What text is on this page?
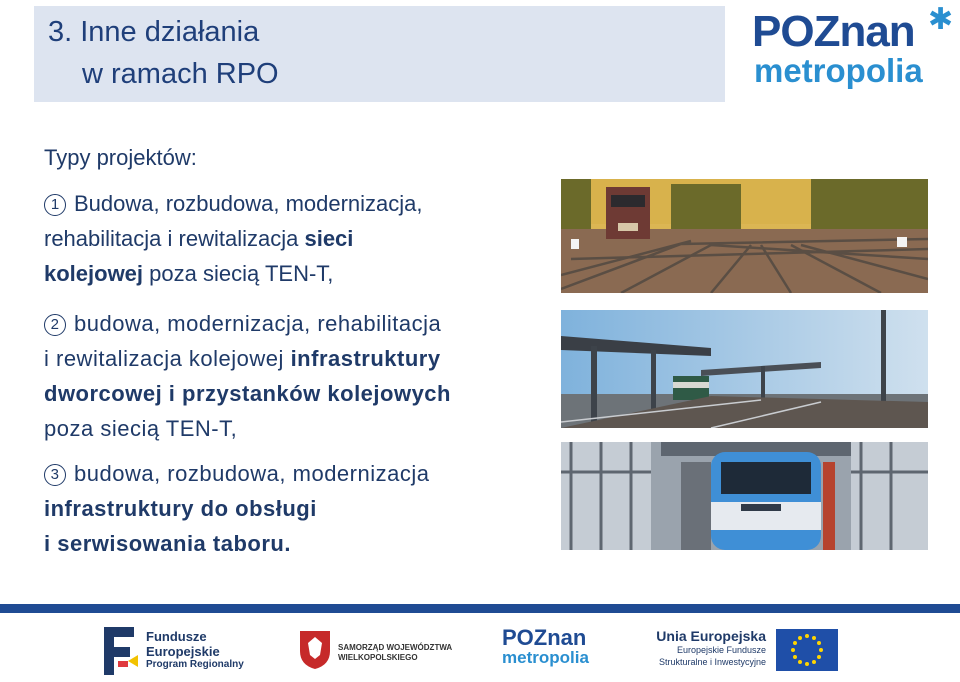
3. Inne działania
w ramach RPO
POZnan
metropolia
✱
Typy projektów:
1 Budowa, rozbudowa, modernizacja,
rehabilitacja i rewitalizacja sieci
kolejowej poza siecią TEN-T,
2 budowa, modernizacja, rehabilitacja
i rewitalizacja kolejowej infrastruktury
dworcowej i przystanków kolejowych
poza siecią TEN-T,
3 budowa, rozbudowa, modernizacja
infrastruktury do obsługi
i serwisowania taboru.
Fundusze
Europejskie
Program Regionalny
SAMORZĄD WOJEWÓDZTWA
WIELKOPOLSKIEGO
POZnan
metropolia
Unia Europejska
Europejskie Fundusze
Strukturalne i Inwestycyjne
